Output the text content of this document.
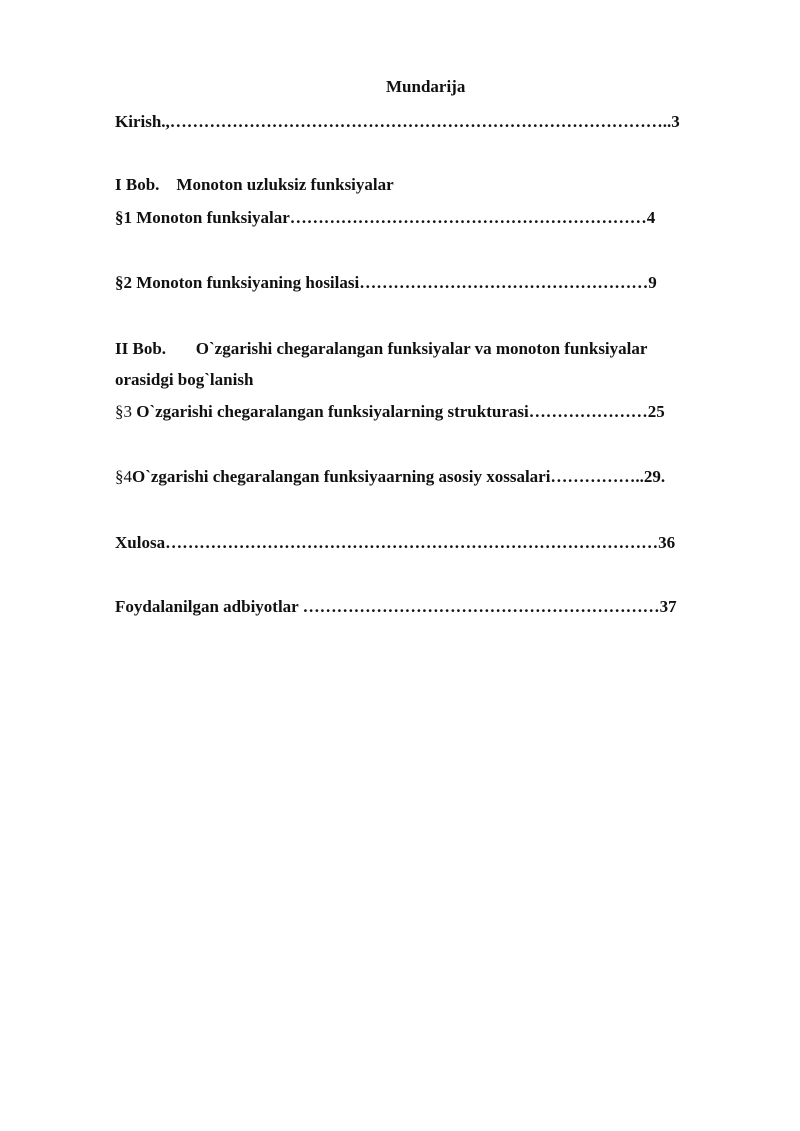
Mundarija
Kirish.,……………………………………………………………………………..3
I Bob.    Monoton uzluksiz funksiyalar
§1 Monoton funksiyalar………………………………………………………4
§2 Monoton funksiyaning hosilasi……………………………………………9
II Bob.       O`zgarishi chegaralangan funksiyalar va monoton funksiyalar
orasidgi bog`lanish
§3 O`zgarishi chegaralangan funksiyalarning strukturasi…………………25
§4O`zgarishi chegaralangan funksiyaarning asosiy xossalari……………..29.
Xulosa……………………………………………………………………………36
Foydalanilgan adbiyotlar ………………………………………………………37
